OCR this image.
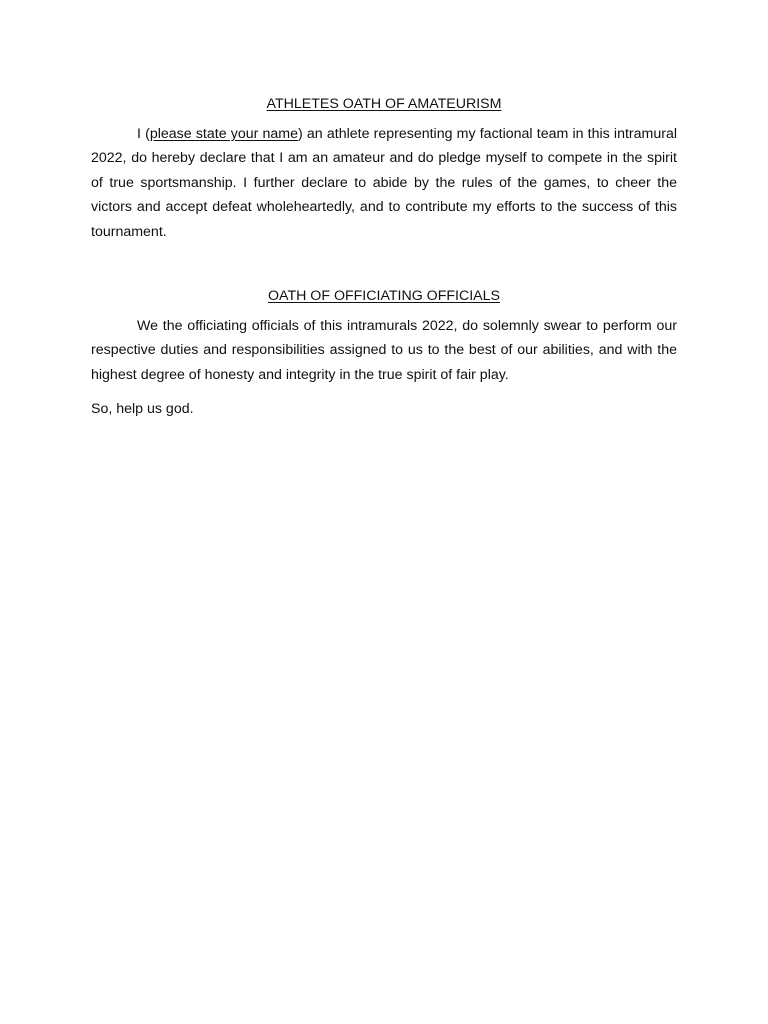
ATHLETES OATH OF AMATEURISM

I (please state your name) an athlete representing my factional team in this intramural 2022, do hereby declare that I am an amateur and do pledge myself to compete in the spirit of true sportsmanship. I further declare to abide by the rules of the games, to cheer the victors and accept defeat wholeheartedly, and to contribute my efforts to the success of this tournament.

OATH OF OFFICIATING OFFICIALS

We the officiating officials of this intramurals 2022, do solemnly swear to perform our respective duties and responsibilities assigned to us to the best of our abilities, and with the highest degree of honesty and integrity in the true spirit of fair play.

So, help us god.
